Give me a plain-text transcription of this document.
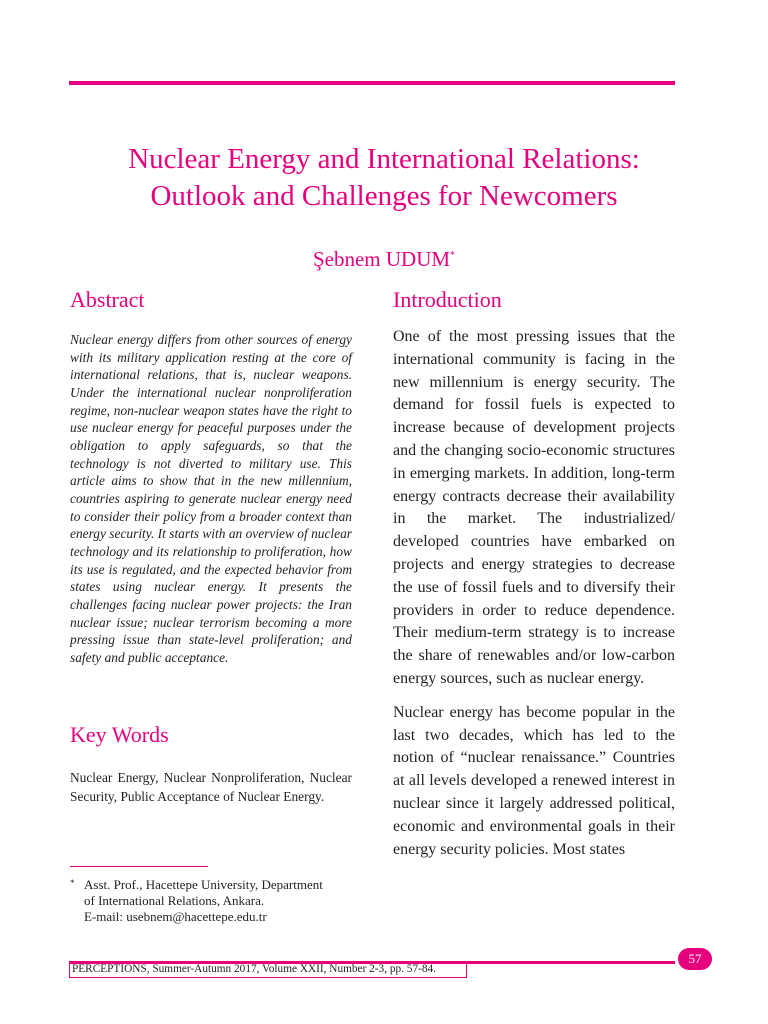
Nuclear Energy and International Relations:
Outlook and Challenges for Newcomers
Şebnem UDUM*
Abstract

Nuclear energy differs from other sources of energy with its military application resting at the core of international relations, that is, nuclear weapons. Under the international nuclear nonproliferation regime, non-nuclear weapon states have the right to use nuclear energy for peaceful purposes under the obligation to apply safeguards, so that the technology is not diverted to military use. This article aims to show that in the new millennium, countries aspiring to generate nuclear energy need to consider their policy from a broader context than energy security. It starts with an overview of nuclear technology and its relationship to proliferation, how its use is regulated, and the expected behavior from states using nuclear energy. It presents the challenges facing nuclear power projects: the Iran nuclear issue; nuclear terrorism becoming a more pressing issue than state-level proliferation; and safety and public acceptance.

Key Words

Nuclear Energy, Nuclear Nonproliferation, Nuclear Security, Public Acceptance of Nuclear Energy.

* Asst. Prof., Hacettepe University, Department
of International Relations, Ankara.
E-mail: usebnem@hacettepe.edu.tr
Introduction

One of the most pressing issues that the international community is facing in the new millennium is energy security. The demand for fossil fuels is expected to increase because of development projects and the changing socio-economic structures in emerging markets. In addition, long-term energy contracts decrease their availability in the market. The industrialized/ developed countries have embarked on projects and energy strategies to decrease the use of fossil fuels and to diversify their providers in order to reduce dependence. Their medium-term strategy is to increase the share of renewables and/or low-carbon energy sources, such as nuclear energy.

Nuclear energy has become popular in the last two decades, which has led to the notion of “nuclear renaissance.” Countries at all levels developed a renewed interest in nuclear since it largely addressed political, economic and environmental goals in their energy security policies. Most states

PERCEPTIONS, Summer-Autumn 2017, Volume XXII, Number 2-3, pp. 57-84.
57
